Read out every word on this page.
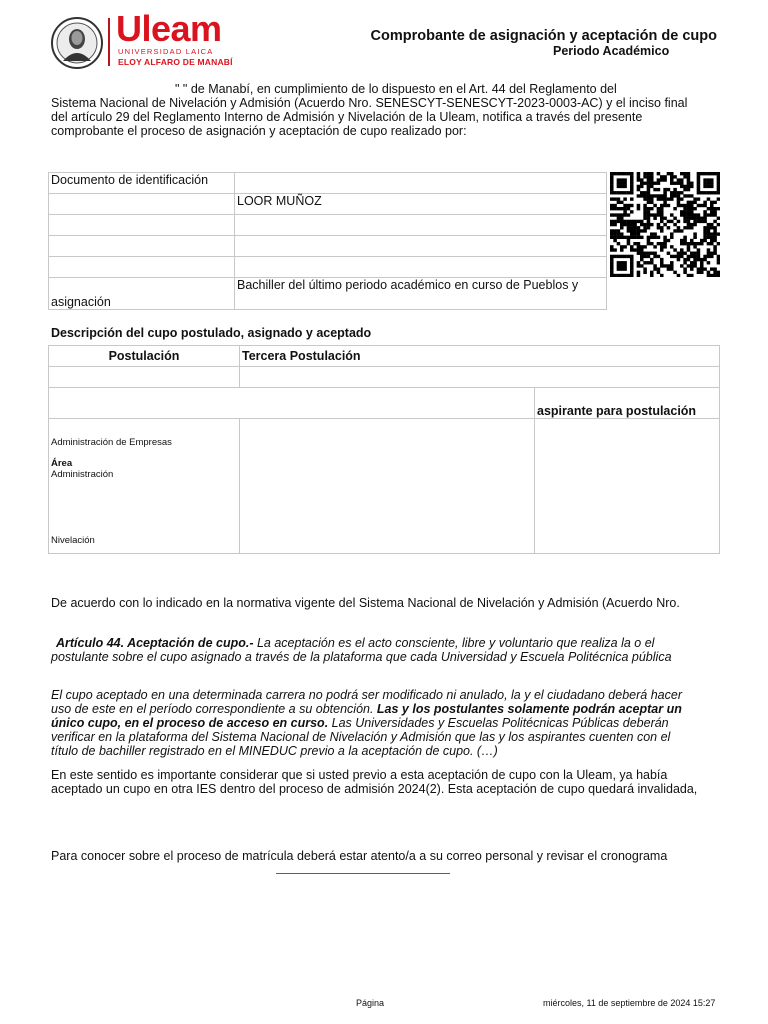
Uleam
UNIVERSIDAD LAICA
ELOY ALFARO DE MANABÍ
Comprobante de asignación y aceptación de cupo
Periodo Académico
" " de Manabí, en cumplimiento de lo dispuesto en el Art. 44 del Reglamento del
Sistema Nacional de Nivelación y Admisión (Acuerdo Nro. SENESCYT-SENESCYT-2023-0003-AC) y el inciso final
del artículo 29 del Reglamento Interno de Admisión y Nivelación de la Uleam, notifica a través del presente
comprobante el proceso de asignación y aceptación de cupo realizado por:
Documento de identificación	
	LOOR MUÑOZ

asignación	Bachiller del último periodo académico en curso de Pueblos y
Descripción del cupo postulado, asignado y aceptado
Postulación	Tercera Postulación	

		aspirante para postulación

Administración de Empresas
Área
Administración
Nivelación		

De acuerdo con lo indicado en la normativa vigente del Sistema Nacional de Nivelación y Admisión (Acuerdo Nro.
Artículo 44. Aceptación de cupo.- La aceptación es el acto consciente, libre y voluntario que realiza la o el
postulante sobre el cupo asignado a través de la plataforma que cada Universidad y Escuela Politécnica pública
El cupo aceptado en una determinada carrera no podrá ser modificado ni anulado, la y el ciudadano deberá hacer
uso de este en el período correspondiente a su obtención. Las y los postulantes solamente podrán aceptar un
único cupo, en el proceso de acceso en curso. Las Universidades y Escuelas Politécnicas Públicas deberán
verificar en la plataforma del Sistema Nacional de Nivelación y Admisión que las y los aspirantes cuenten con el
título de bachiller registrado en el MINEDUC previo a la aceptación de cupo. (…)
En este sentido es importante considerar que si usted previo a esta aceptación de cupo con la Uleam, ya había
aceptado un cupo en otra IES dentro del proceso de admisión 2024(2). Esta aceptación de cupo quedará invalidada,
Para conocer sobre el proceso de matrícula deberá estar atento/a a su correo personal y revisar el cronograma
Página	miércoles, 11 de septiembre de 2024 15:27
